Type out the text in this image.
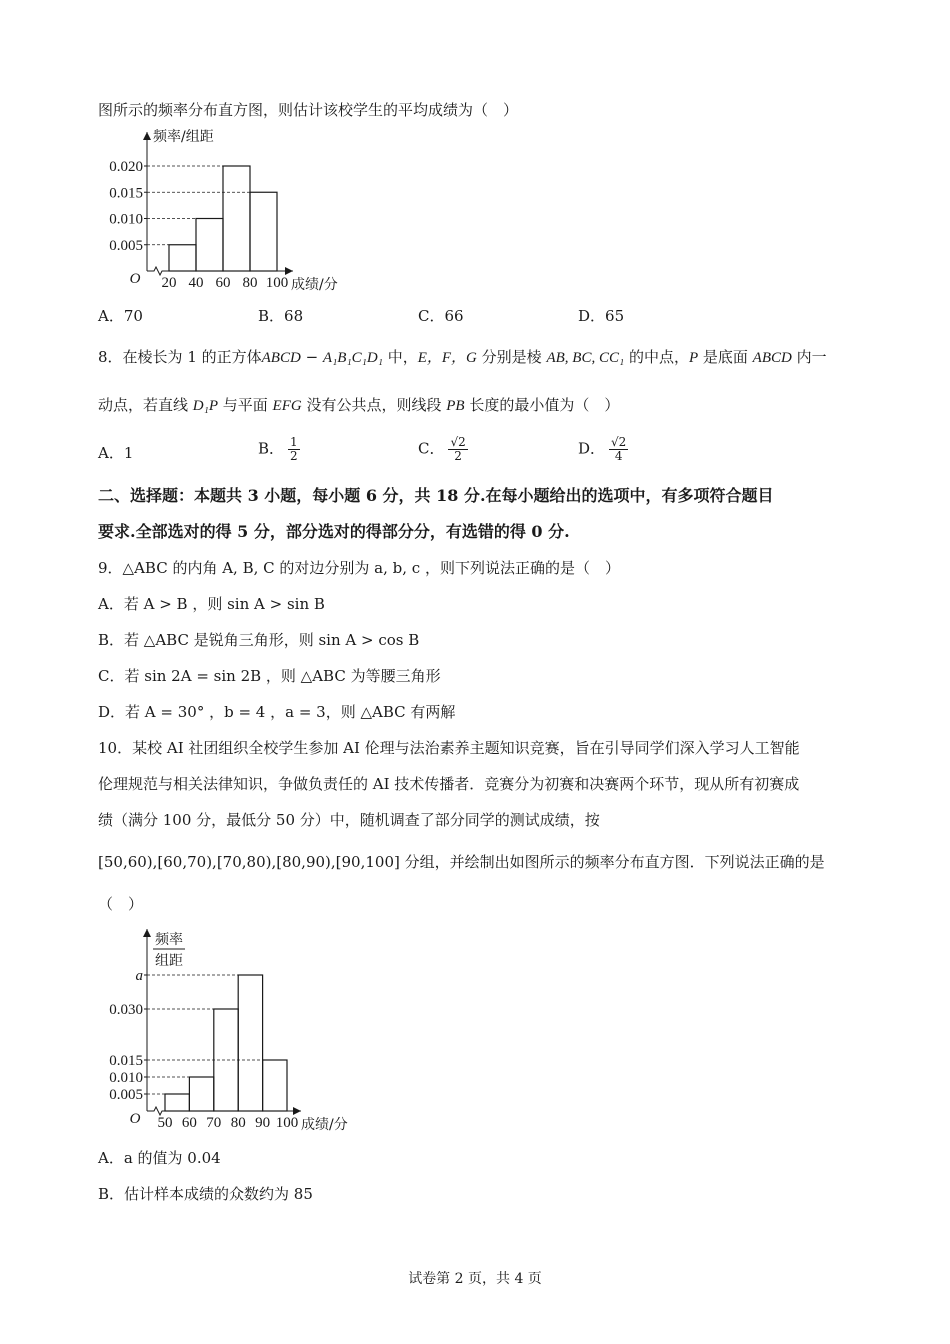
图所示的频率分布直方图，则估计该校学生的平均成绩为（　）
O
0.005
0.010
0.015
0.020
20 40 60 80 100 成绩/分
频率/组距
A．70	B．68	C．66	D．65
8．在棱长为 1 的正方体ABCD − A₁B₁C₁D₁ 中，E，F，G 分别是棱 AB, BC, CC₁ 的中点，P 是底面 ABCD 内一
动点，若直线 D₁P 与平面 EFG 没有公共点，则线段 PB 长度的最小值为（　）
A．1	B． $\frac{1}{2}$	C． $\frac{√2}{2}$	D． $\frac{√2}{4}$
二、选择题：本题共 3 小题，每小题 6 分，共 18 分.在每小题给出的选项中，有多项符合题目
要求.全部选对的得 5 分，部分选对的得部分分，有选错的得 0 分.
9．△ABC 的内角 A, B, C 的对边分别为 a, b, c ，则下列说法正确的是（　）
A．若 A > B ，则 sin A > sin B
B．若 △ABC 是锐角三角形，则 sin A > cos B
C．若 sin 2A = sin 2B ，则 △ABC 为等腰三角形
D．若 A = 30° ，b = 4 ，a = 3，则 △ABC 有两解
10．某校 AI 社团组织全校学生参加 AI 伦理与法治素养主题知识竞赛，旨在引导同学们深入学习人工智能
伦理规范与相关法律知识，争做负责任的 AI 技术传播者．竞赛分为初赛和决赛两个环节，现从所有初赛成
绩（满分 100 分，最低分 50 分）中，随机调查了部分同学的测试成绩，按
[50,60),[60,70),[70,80),[80,90),[90,100] 分组，并绘制出如图所示的频率分布直方图．下列说法正确的是
（　）
O
0.005
0.010
0.015
0.030
a
50 60 70 80 90 100 成绩/分
频率
组距
A．a 的值为 0.04
B．估计样本成绩的众数约为 85
试卷第 2 页，共 4 页
